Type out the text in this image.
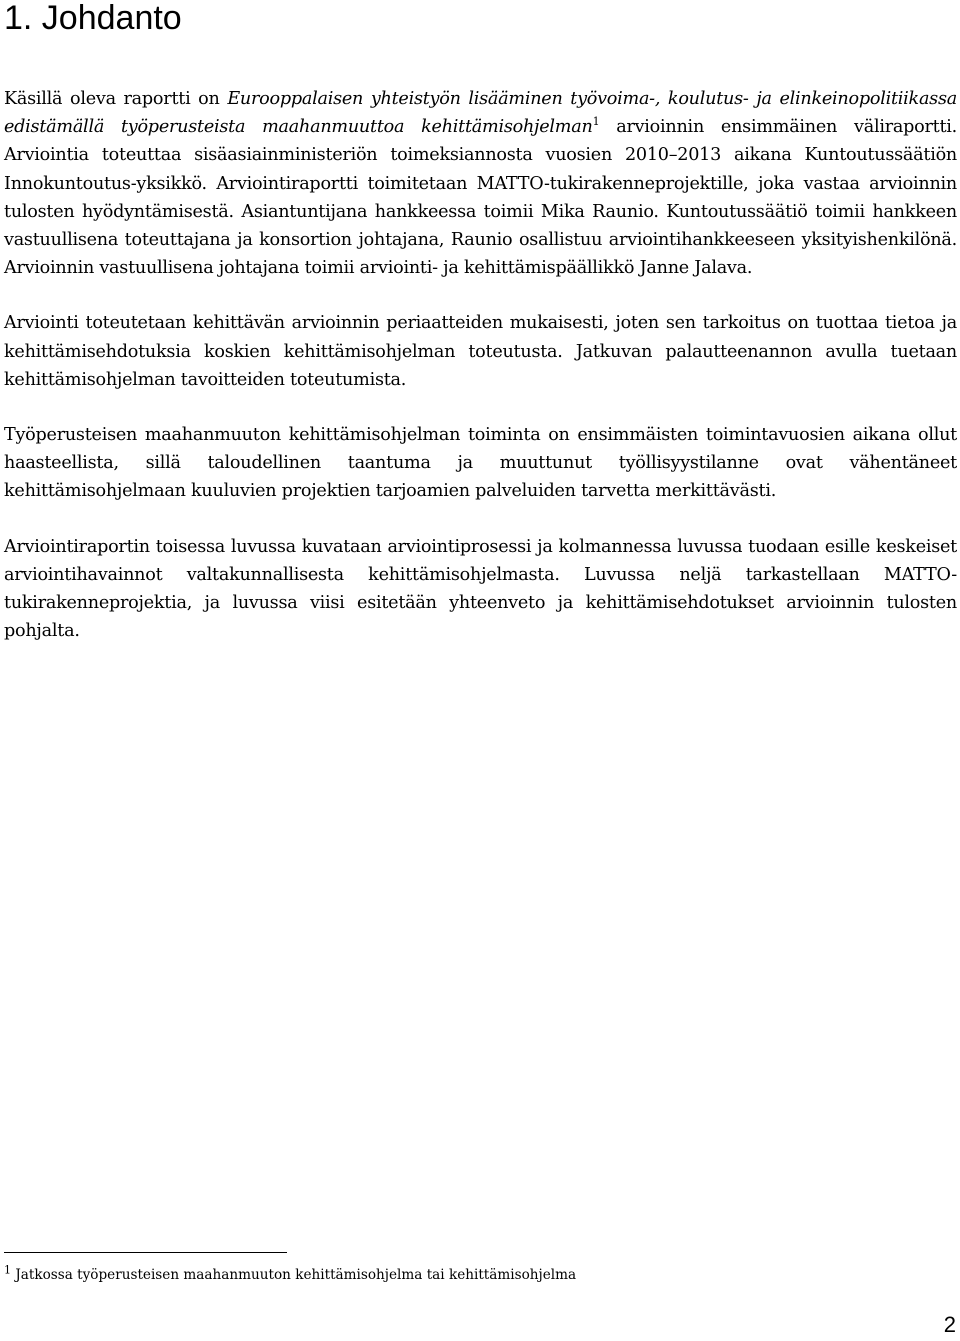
1. Johdanto

Käsillä oleva raportti on Eurooppalaisen yhteistyön lisääminen työvoima-, koulutus- ja elinkeinopolitiikassa edistämällä työperusteista maahanmuuttoa kehittämisohjelman$^1$ arvioinnin ensimmäinen väliraportti. Arviointia toteuttaa sisäasiainministeriön toimeksiannosta vuosien 2010–2013 aikana Kuntoutussäätiön Innokuntoutus-yksikkö. Arviointiraportti toimitetaan MATTO-tukirakenneprojektille, joka vastaa arvioinnin tulosten hyödyntämisestä. Asiantuntijana hankkeessa toimii Mika Raunio. Kuntoutussäätiö toimii hankkeen vastuullisena toteuttajana ja konsortion johtajana, Raunio osallistuu arviointihankkeeseen yksityishenkilönä. Arvioinnin vastuullisena johtajana toimii arviointi- ja kehittämispäällikkö Janne Jalava.

Arviointi toteutetaan kehittävän arvioinnin periaatteiden mukaisesti, joten sen tarkoitus on tuottaa tietoa ja kehittämisehdotuksia koskien kehittämisohjelman toteutusta. Jatkuvan palautteenannon avulla tuetaan kehittämisohjelman tavoitteiden toteutumista.

Työperusteisen maahanmuuton kehittämisohjelman toiminta on ensimmäisten toimintavuosien aikana ollut haasteellista, sillä taloudellinen taantuma ja muuttunut työllisyystilanne ovat vähentäneet kehittämisohjelmaan kuuluvien projektien tarjoamien palveluiden tarvetta merkittävästi.

Arviointiraportin toisessa luvussa kuvataan arviointiprosessi ja kolmannessa luvussa tuodaan esille keskeiset arviointihavainnot valtakunnallisesta kehittämisohjelmasta. Luvussa neljä tarkastellaan MATTO-tukirakenneprojektia, ja luvussa viisi esitetään yhteenveto ja kehittämisehdotukset arvioinnin tulosten pohjalta.

$^1$ Jatkossa työperusteisen maahanmuuton kehittämisohjelma tai kehittämisohjelma

2
